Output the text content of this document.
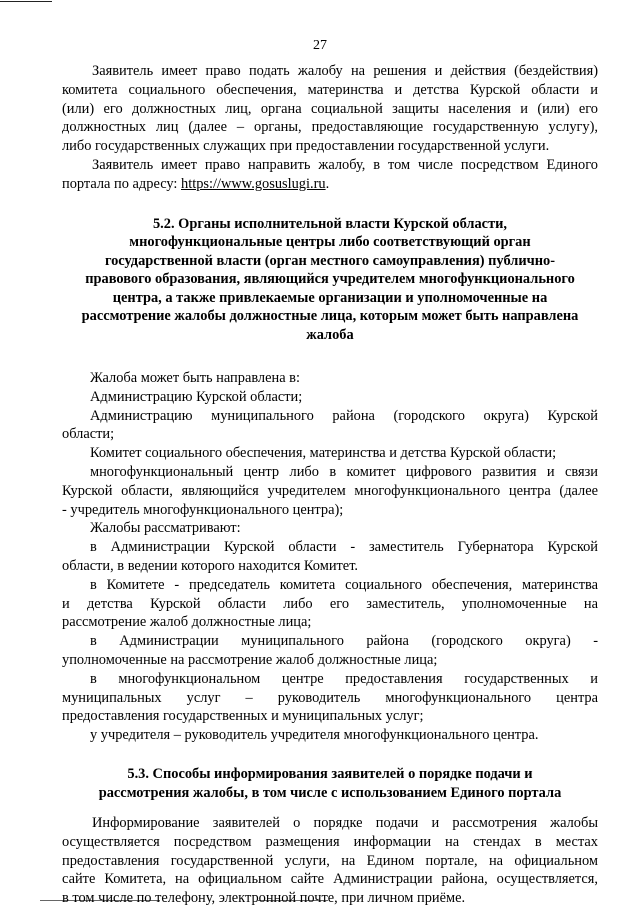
27

Заявитель имеет право подать жалобу на решения и действия (бездействия)

комитета социального обеспечения, материнства и детства Курской области и

(или) его должностных лиц, органа социальной защиты населения и (или) его

должностных лиц (далее – органы, предоставляющие государственную услугу),

либо государственных служащих при предоставлении государственной услуги.

Заявитель имеет право направить жалобу, в том числе посредством Единого

портала по адресу: https://www.gosuslugi.ru.

5.2. Органы исполнительной власти Курской области,

многофункциональные центры либо соответствующий орган

государственной власти (орган местного самоуправления) публично-

правового образования, являющийся учредителем многофункционального

центра, а также привлекаемые организации и уполномоченные на

рассмотрение жалобы должностные лица, которым может быть направлена

жалоба

Жалоба может быть направлена в:

Администрацию Курской области;

Администрацию муниципального района (городского округа) Курской

области;

Комитет социального обеспечения, материнства и детства Курской области;

многофункциональный центр либо в комитет цифрового развития и связи

Курской области, являющийся учредителем многофункционального центра (далее

- учредитель многофункционального центра);

Жалобы рассматривают:

в Администрации Курской области - заместитель Губернатора Курской

области, в ведении которого находится Комитет.

в Комитете - председатель комитета социального обеспечения, материнства

и детства Курской области либо его заместитель, уполномоченные на

рассмотрение жалоб должностные лица;

в Администрации муниципального района (городского округа) -

уполномоченные на рассмотрение жалоб должностные лица;

в многофункциональном центре предоставления государственных и

муниципальных услуг – руководитель многофункционального центра

предоставления государственных и муниципальных услуг;

у учредителя – руководитель учредителя многофункционального центра.

5.3. Способы информирования заявителей о порядке подачи и

рассмотрения жалобы, в том числе с использованием Единого портала

Информирование заявителей о порядке подачи и рассмотрения жалобы

осуществляется посредством размещения информации на стендах в местах

предоставления государственной услуги, на Едином портале, на официальном

сайте Комитета, на официальном сайте Администрации района, осуществляется,

в том числе по телефону, электронной почте, при личном приёме.
